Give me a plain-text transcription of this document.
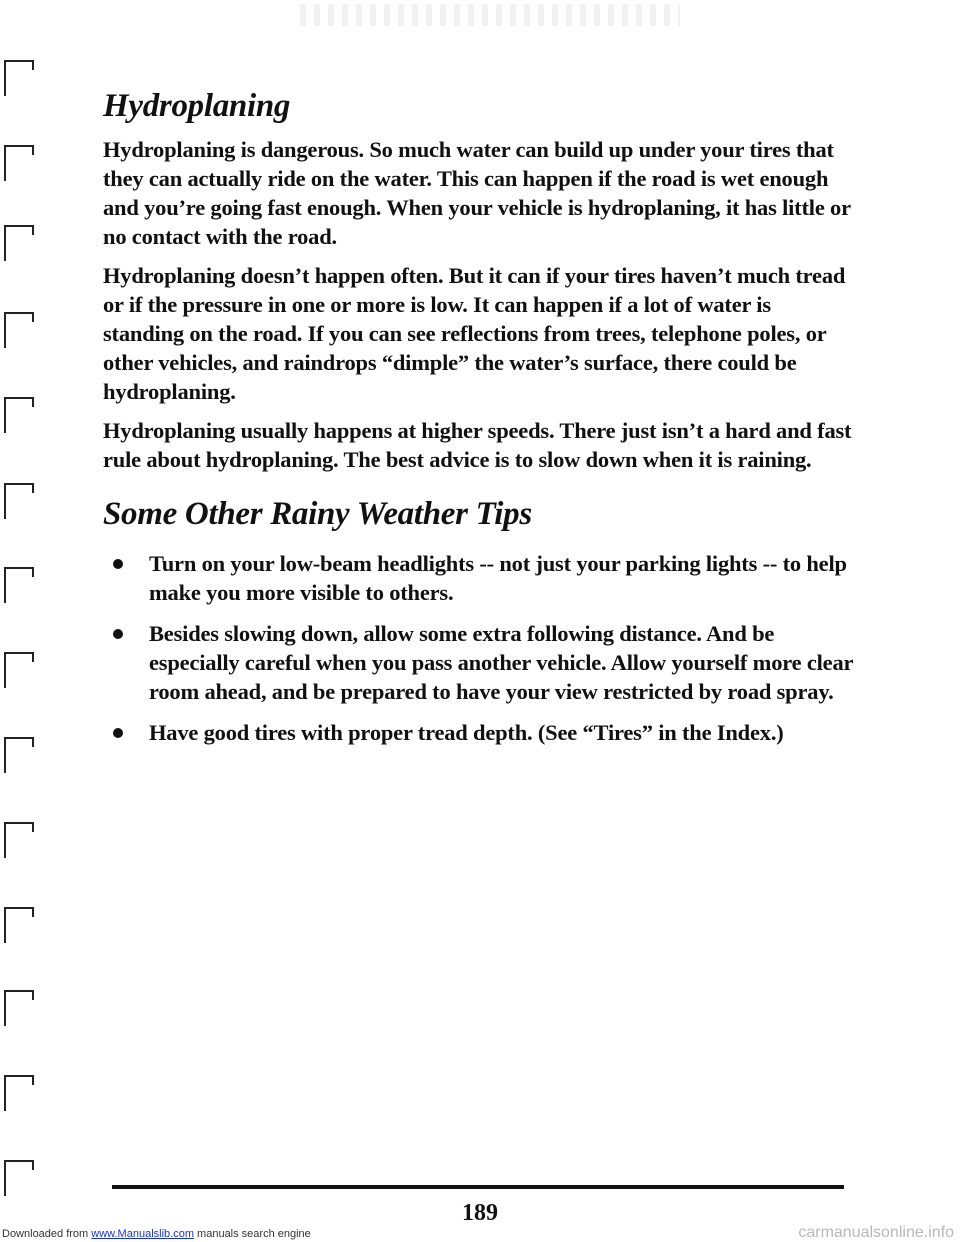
Hydroplaning

Hydroplaning is dangerous. So much water can build up under your tires that they can actually ride on the water. This can happen if the road is wet enough and you’re going fast enough. When your vehicle is hydroplaning, it has little or no contact with the road.

Hydroplaning doesn’t happen often. But it can if your tires haven’t much tread or if the pressure in one or more is low. It can happen if a lot of water is standing on the road. If you can see reflections from trees, telephone poles, or other vehicles, and raindrops “dimple” the water’s surface, there could be hydroplaning.

Hydroplaning usually happens at higher speeds. There just isn’t a hard and fast rule about hydroplaning. The best advice is to slow down when it is raining.

Some Other Rainy Weather Tips
Turn on your low-beam headlights -- not just your parking lights -- to help make you more visible to others.
Besides slowing down, allow some extra following distance. And be especially careful when you pass another vehicle. Allow yourself more clear room ahead, and be prepared to have your view restricted by road spray.
Have good tires with proper tread depth. (See “Tires” in the Index.)
189
Downloaded from www.Manualslib.com manuals search engine	carmanualsonline.info
